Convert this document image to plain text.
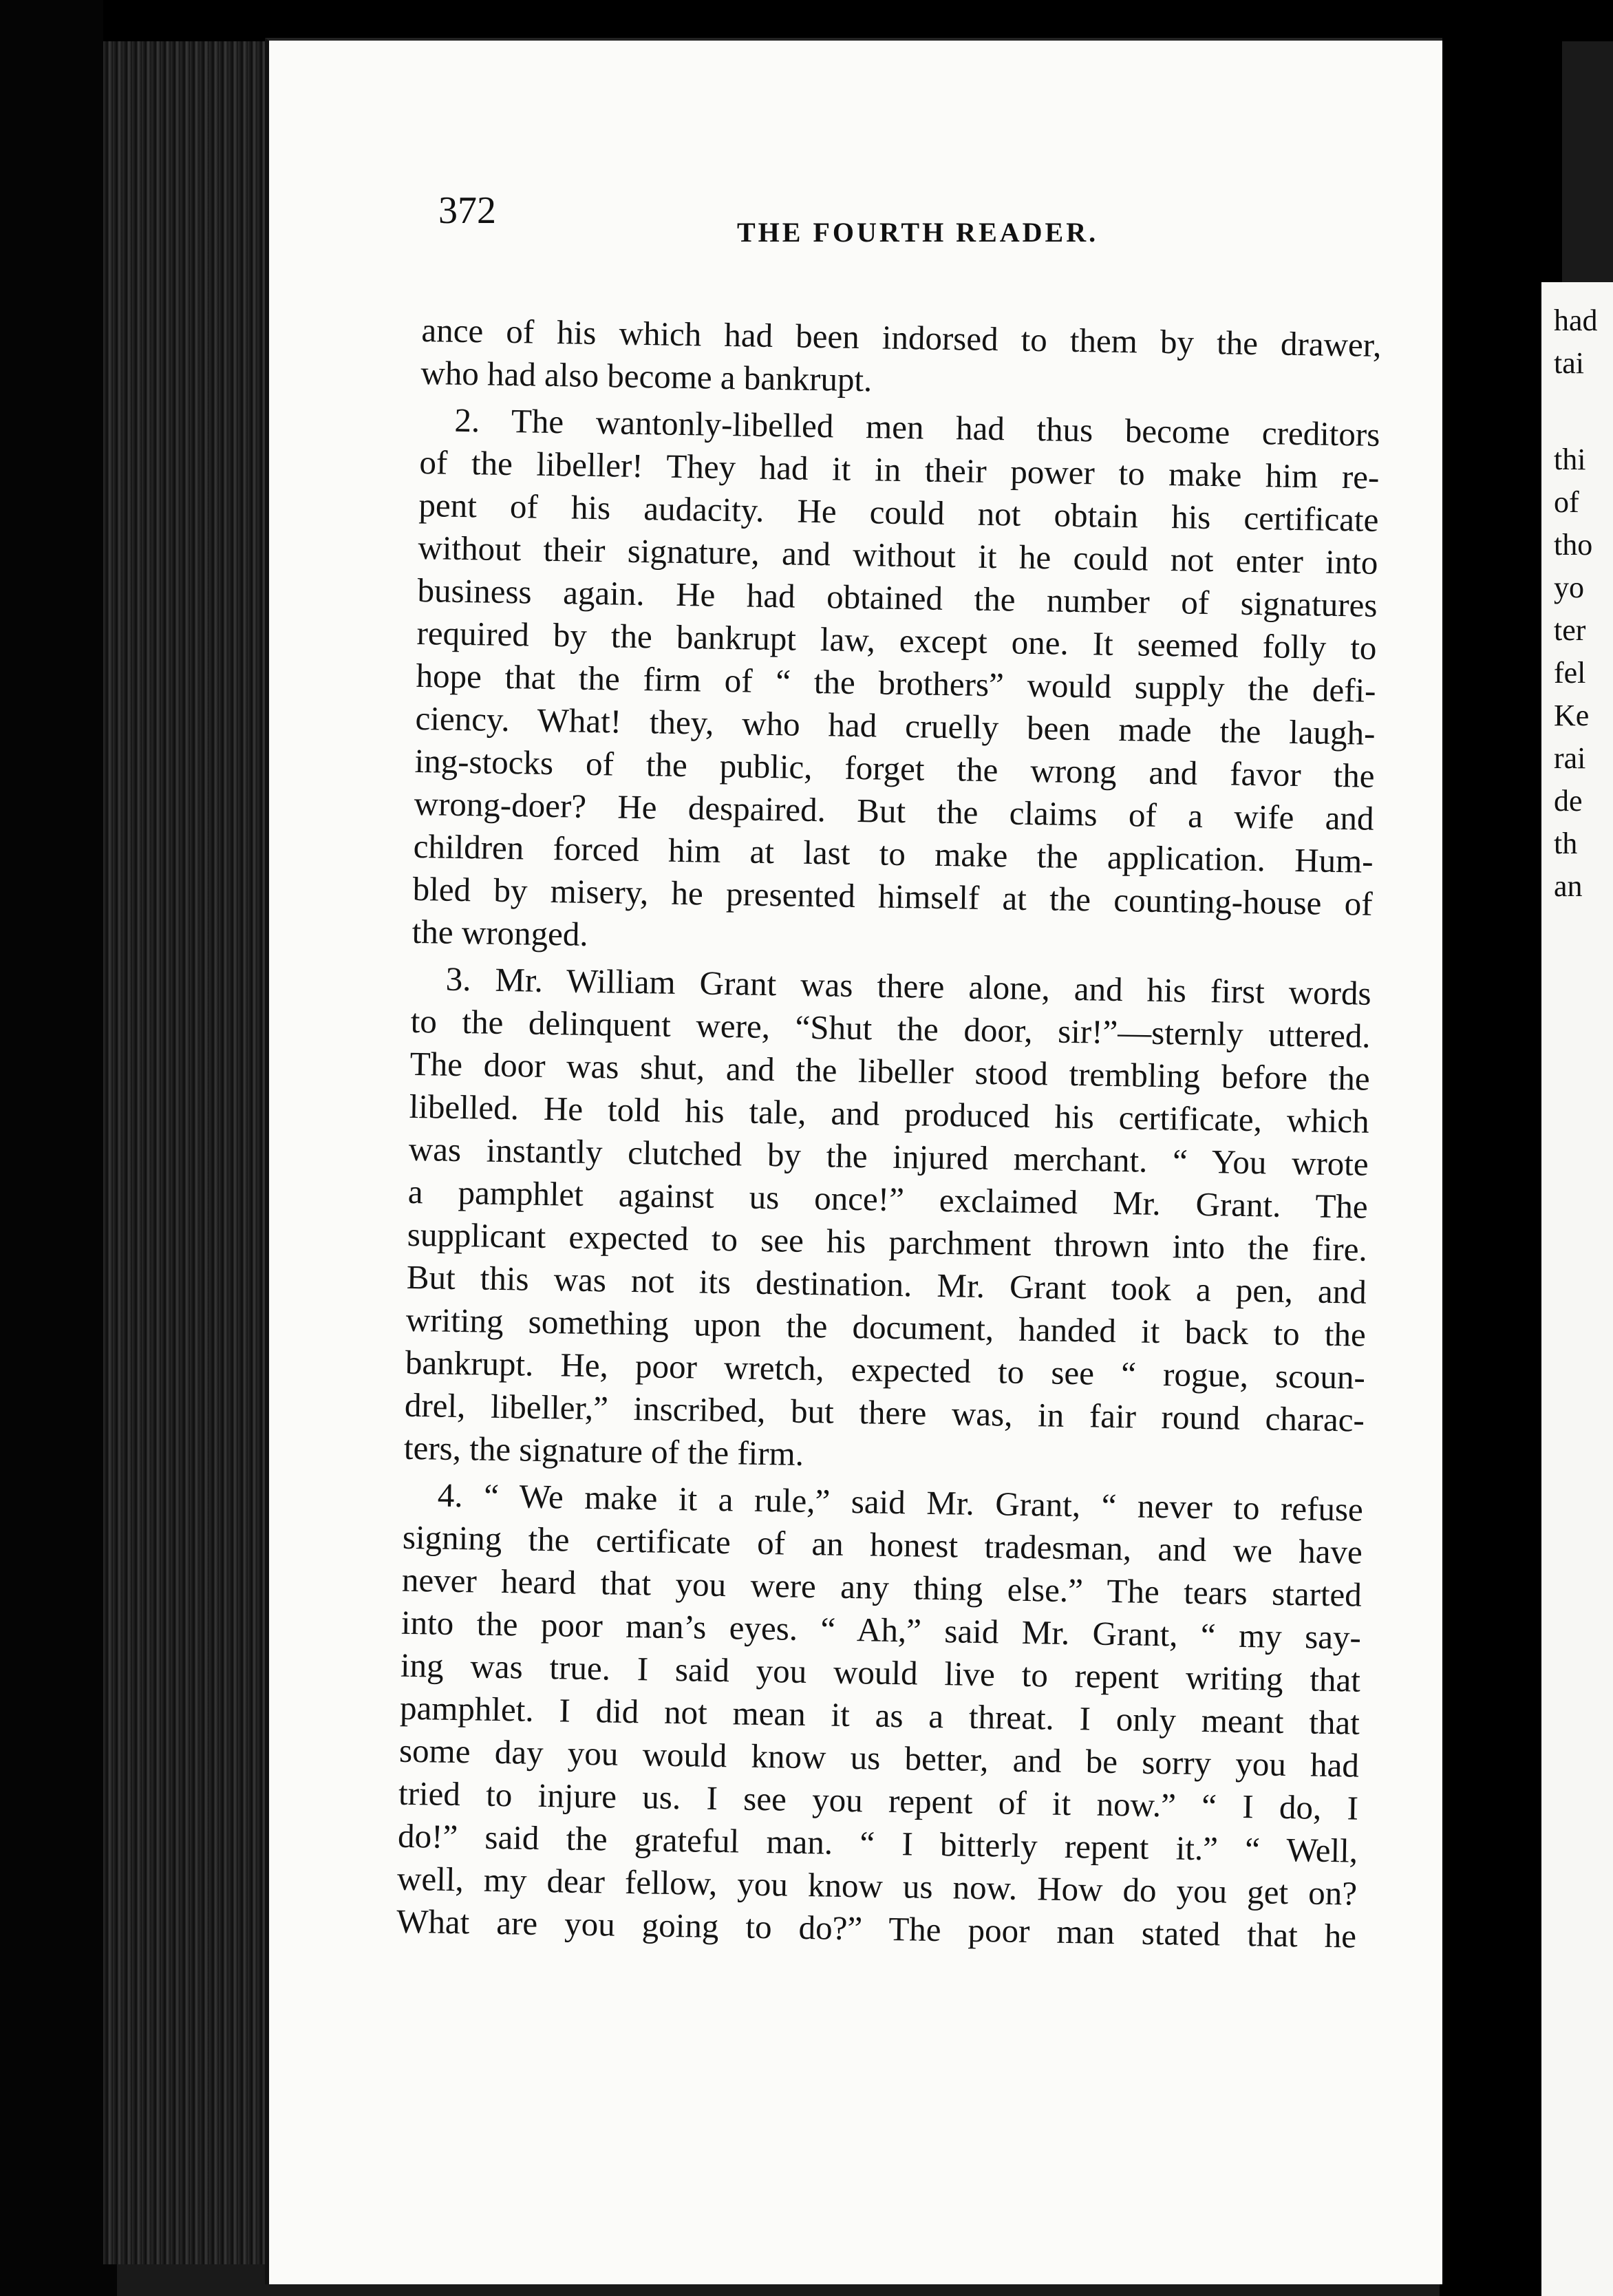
had
tai
thi
of
tho
yo
ter
fel
Ke
rai
de
th
an
372
THE FOURTH READER.
ance of his which had been indorsed to them by the drawer,
who had also become a bankrupt.
2. The wantonly-libelled men had thus become creditors
of the libeller! They had it in their power to make him re-
pent of his audacity. He could not obtain his certificate
without their signature, and without it he could not enter into
business again. He had obtained the number of signatures
required by the bankrupt law, except one. It seemed folly to
hope that the firm of “ the brothers” would supply the defi-
ciency. What! they, who had cruelly been made the laugh-
ing-stocks of the public, forget the wrong and favor the
wrong-doer? He despaired. But the claims of a wife and
children forced him at last to make the application. Hum-
bled by misery, he presented himself at the counting-house of
the wronged.
3. Mr. William Grant was there alone, and his first words
to the delinquent were, “Shut the door, sir!”—sternly uttered.
The door was shut, and the libeller stood trembling before the
libelled. He told his tale, and produced his certificate, which
was instantly clutched by the injured merchant. “ You wrote
a pamphlet against us once!” exclaimed Mr. Grant. The
supplicant expected to see his parchment thrown into the fire.
But this was not its destination. Mr. Grant took a pen, and
writing something upon the document, handed it back to the
bankrupt. He, poor wretch, expected to see “ rogue, scoun-
drel, libeller,” inscribed, but there was, in fair round charac-
ters, the signature of the firm.
4. “ We make it a rule,” said Mr. Grant, “ never to refuse
signing the certificate of an honest tradesman, and we have
never heard that you were any thing else.” The tears started
into the poor man’s eyes. “ Ah,” said Mr. Grant, “ my say-
ing was true. I said you would live to repent writing that
pamphlet. I did not mean it as a threat. I only meant that
some day you would know us better, and be sorry you had
tried to injure us. I see you repent of it now.” “ I do, I
do!” said the grateful man. “ I bitterly repent it.” “ Well,
well, my dear fellow, you know us now. How do you get on?
What are you going to do?” The poor man stated that he
